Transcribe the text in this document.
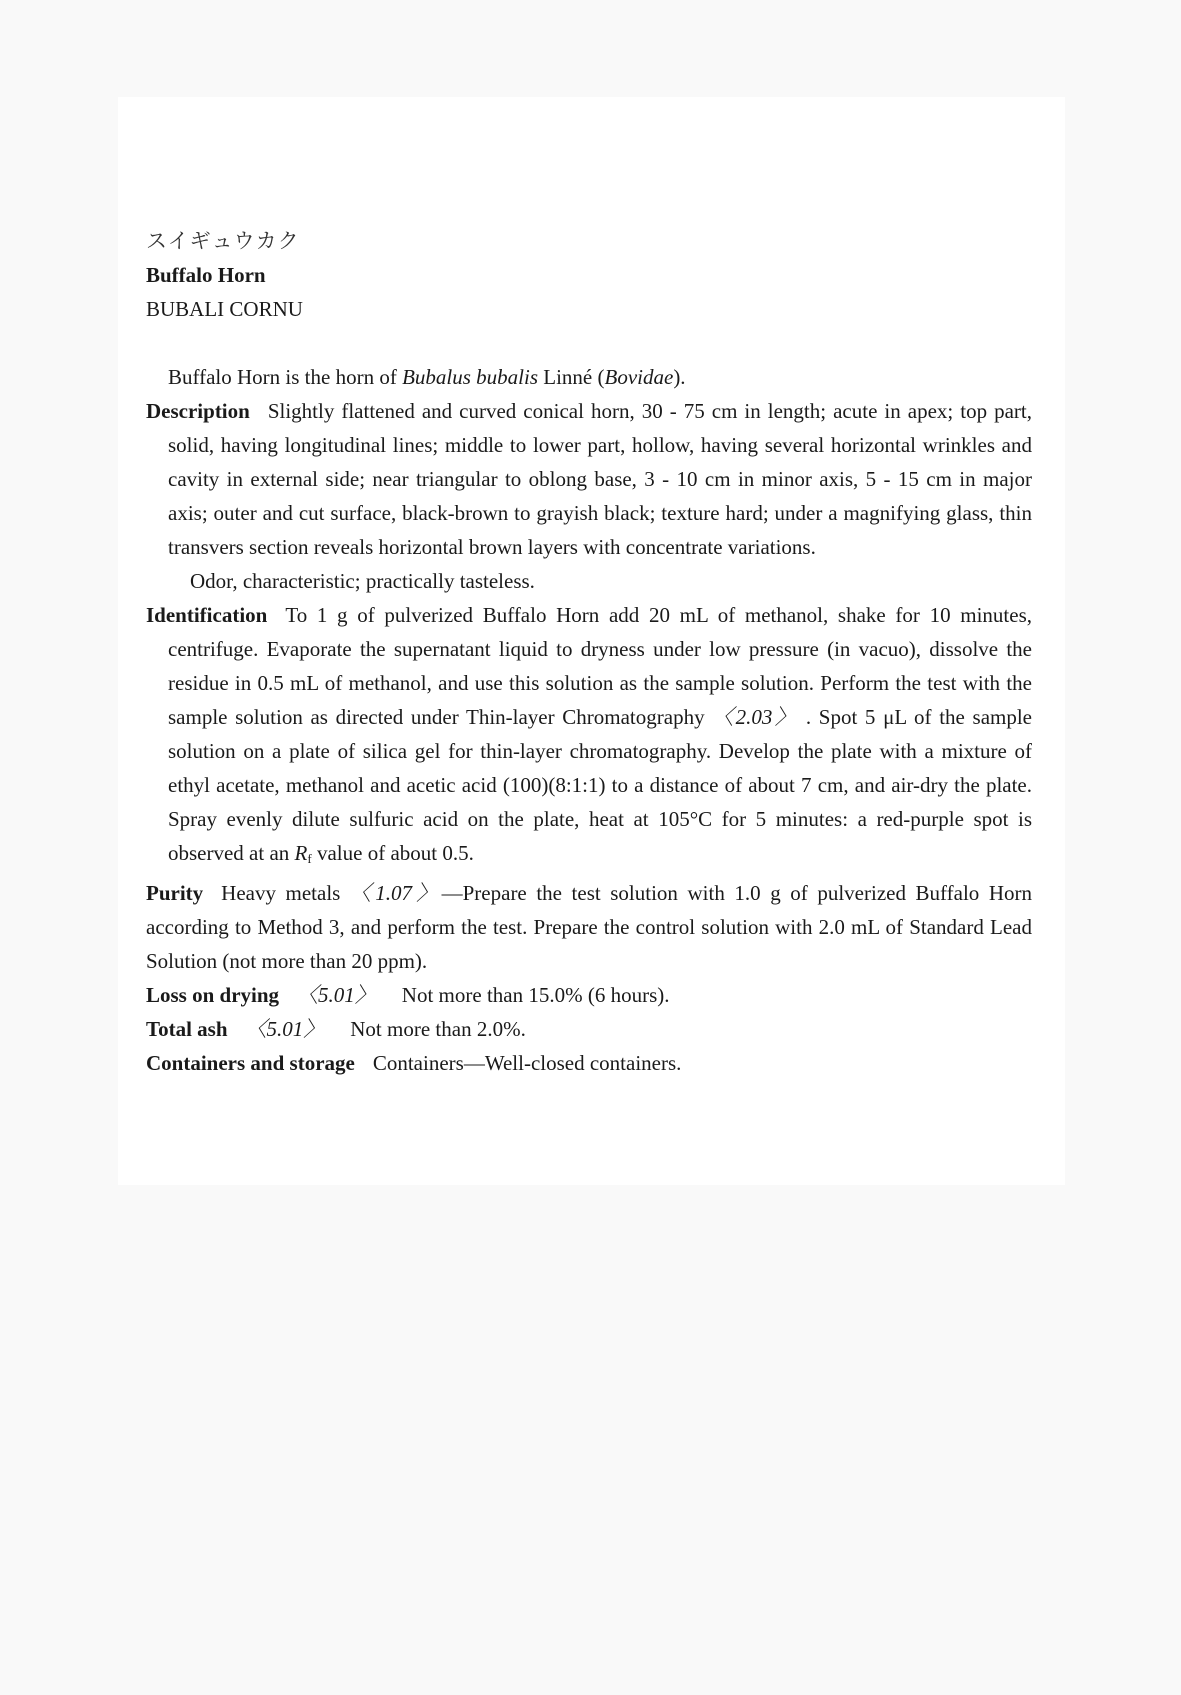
スイギュウカク
Buffalo Horn
BUBALI CORNU
Buffalo Horn is the horn of Bubalus bubalis Linné (Bovidae).
Description Slightly flattened and curved conical horn, 30 - 75 cm in length; acute in apex; top part, solid, having longitudinal lines; middle to lower part, hollow, having several horizontal wrinkles and cavity in external side; near triangular to oblong base, 3 - 10 cm in minor axis, 5 - 15 cm in major axis; outer and cut surface, black-brown to grayish black; texture hard; under a magnifying glass, thin transvers section reveals horizontal brown layers with concentrate variations.
Odor, characteristic; practically tasteless.
Identification To 1 g of pulverized Buffalo Horn add 20 mL of methanol, shake for 10 minutes, centrifuge. Evaporate the supernatant liquid to dryness under low pressure (in vacuo), dissolve the residue in 0.5 mL of methanol, and use this solution as the sample solution. Perform the test with the sample solution as directed under Thin-layer Chromatography 〈2.03〉 . Spot 5 μL of the sample solution on a plate of silica gel for thin-layer chromatography. Develop the plate with a mixture of ethyl acetate, methanol and acetic acid (100)(8:1:1) to a distance of about 7 cm, and air-dry the plate. Spray evenly dilute sulfuric acid on the plate, heat at 105°C for 5 minutes: a red-purple spot is observed at an $R_f$ value of about 0.5.
Purity Heavy metals 〈1.07〉—Prepare the test solution with 1.0 g of pulverized Buffalo Horn according to Method 3, and perform the test. Prepare the control solution with 2.0 mL of Standard Lead Solution (not more than 20 ppm).
Loss on drying 〈5.01〉 Not more than 15.0% (6 hours).
Total ash 〈5.01〉 Not more than 2.0%.
Containers and storage Containers—Well-closed containers.
